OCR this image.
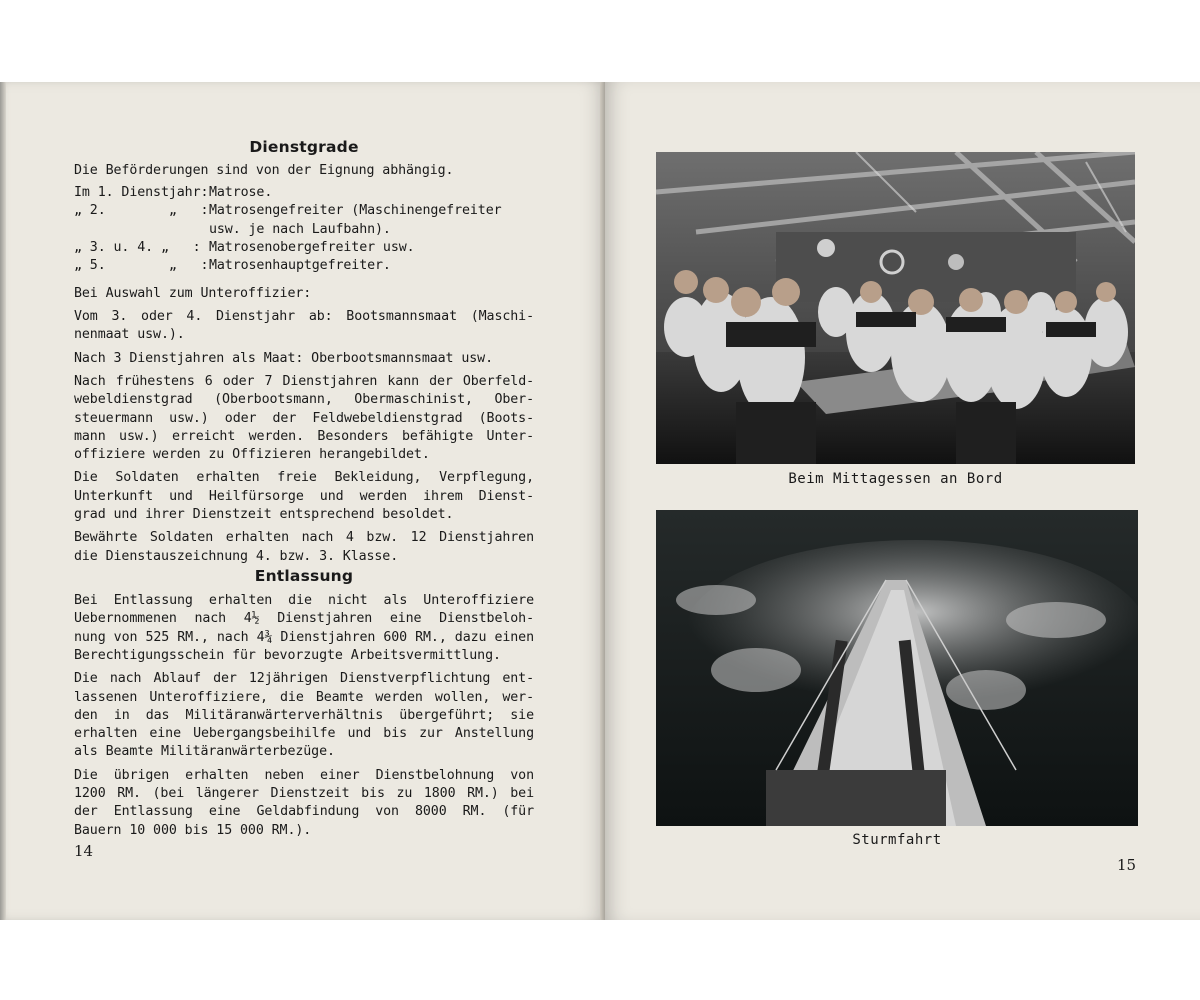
Dienstgrade
Die Beförderungen sind von der Eignung abhängig.
Im 1. Dienstjahr:Matrose.
„ 2.        „   :Matrosengefreiter (Maschinengefreiter
usw. je nach Laufbahn).
„ 3. u. 4. „   : Matrosenobergefreiter usw.
„ 5.        „   :Matrosenhauptgefreiter.
Bei Auswahl zum Unteroffizier:
Vom 3. oder 4. Dienstjahr ab: Bootsmannsmaat (Maschi-
nenmaat usw.).
Nach 3 Dienstjahren als Maat: Oberbootsmannsmaat usw.
Nach frühestens 6 oder 7 Dienstjahren kann der Oberfeld-
webeldienstgrad (Oberbootsmann, Obermaschinist, Ober-
steuermann usw.) oder der Feldwebeldienstgrad (Boots-
mann usw.) erreicht werden. Besonders befähigte Unter-
offiziere werden zu Offizieren herangebildet.
Die Soldaten erhalten freie Bekleidung, Verpflegung,
Unterkunft und Heilfürsorge und werden ihrem Dienst-
grad und ihrer Dienstzeit entsprechend besoldet.
Bewährte Soldaten erhalten nach 4 bzw. 12 Dienstjahren
die Dienstauszeichnung 4. bzw. 3. Klasse.
Entlassung
Bei Entlassung erhalten die nicht als Unteroffiziere
Uebernommenen nach 4½ Dienstjahren eine Dienstbeloh-
nung von 525 RM., nach 4¾ Dienstjahren 600 RM., dazu einen
Berechtigungsschein für bevorzugte Arbeitsvermittlung.
Die nach Ablauf der 12jährigen Dienstverpflichtung ent-
lassenen Unteroffiziere, die Beamte werden wollen, wer-
den in das Militäranwärterverhältnis übergeführt; sie
erhalten eine Uebergangsbeihilfe und bis zur Anstellung
als Beamte Militäranwärterbezüge.
Die übrigen erhalten neben einer Dienstbelohnung von
1200 RM. (bei längerer Dienstzeit bis zu 1800 RM.) bei
der Entlassung eine Geldabfindung von 8000 RM. (für
Bauern 10 000 bis 15 000 RM.).
14
Beim Mittagessen an Bord
Sturmfahrt
15
